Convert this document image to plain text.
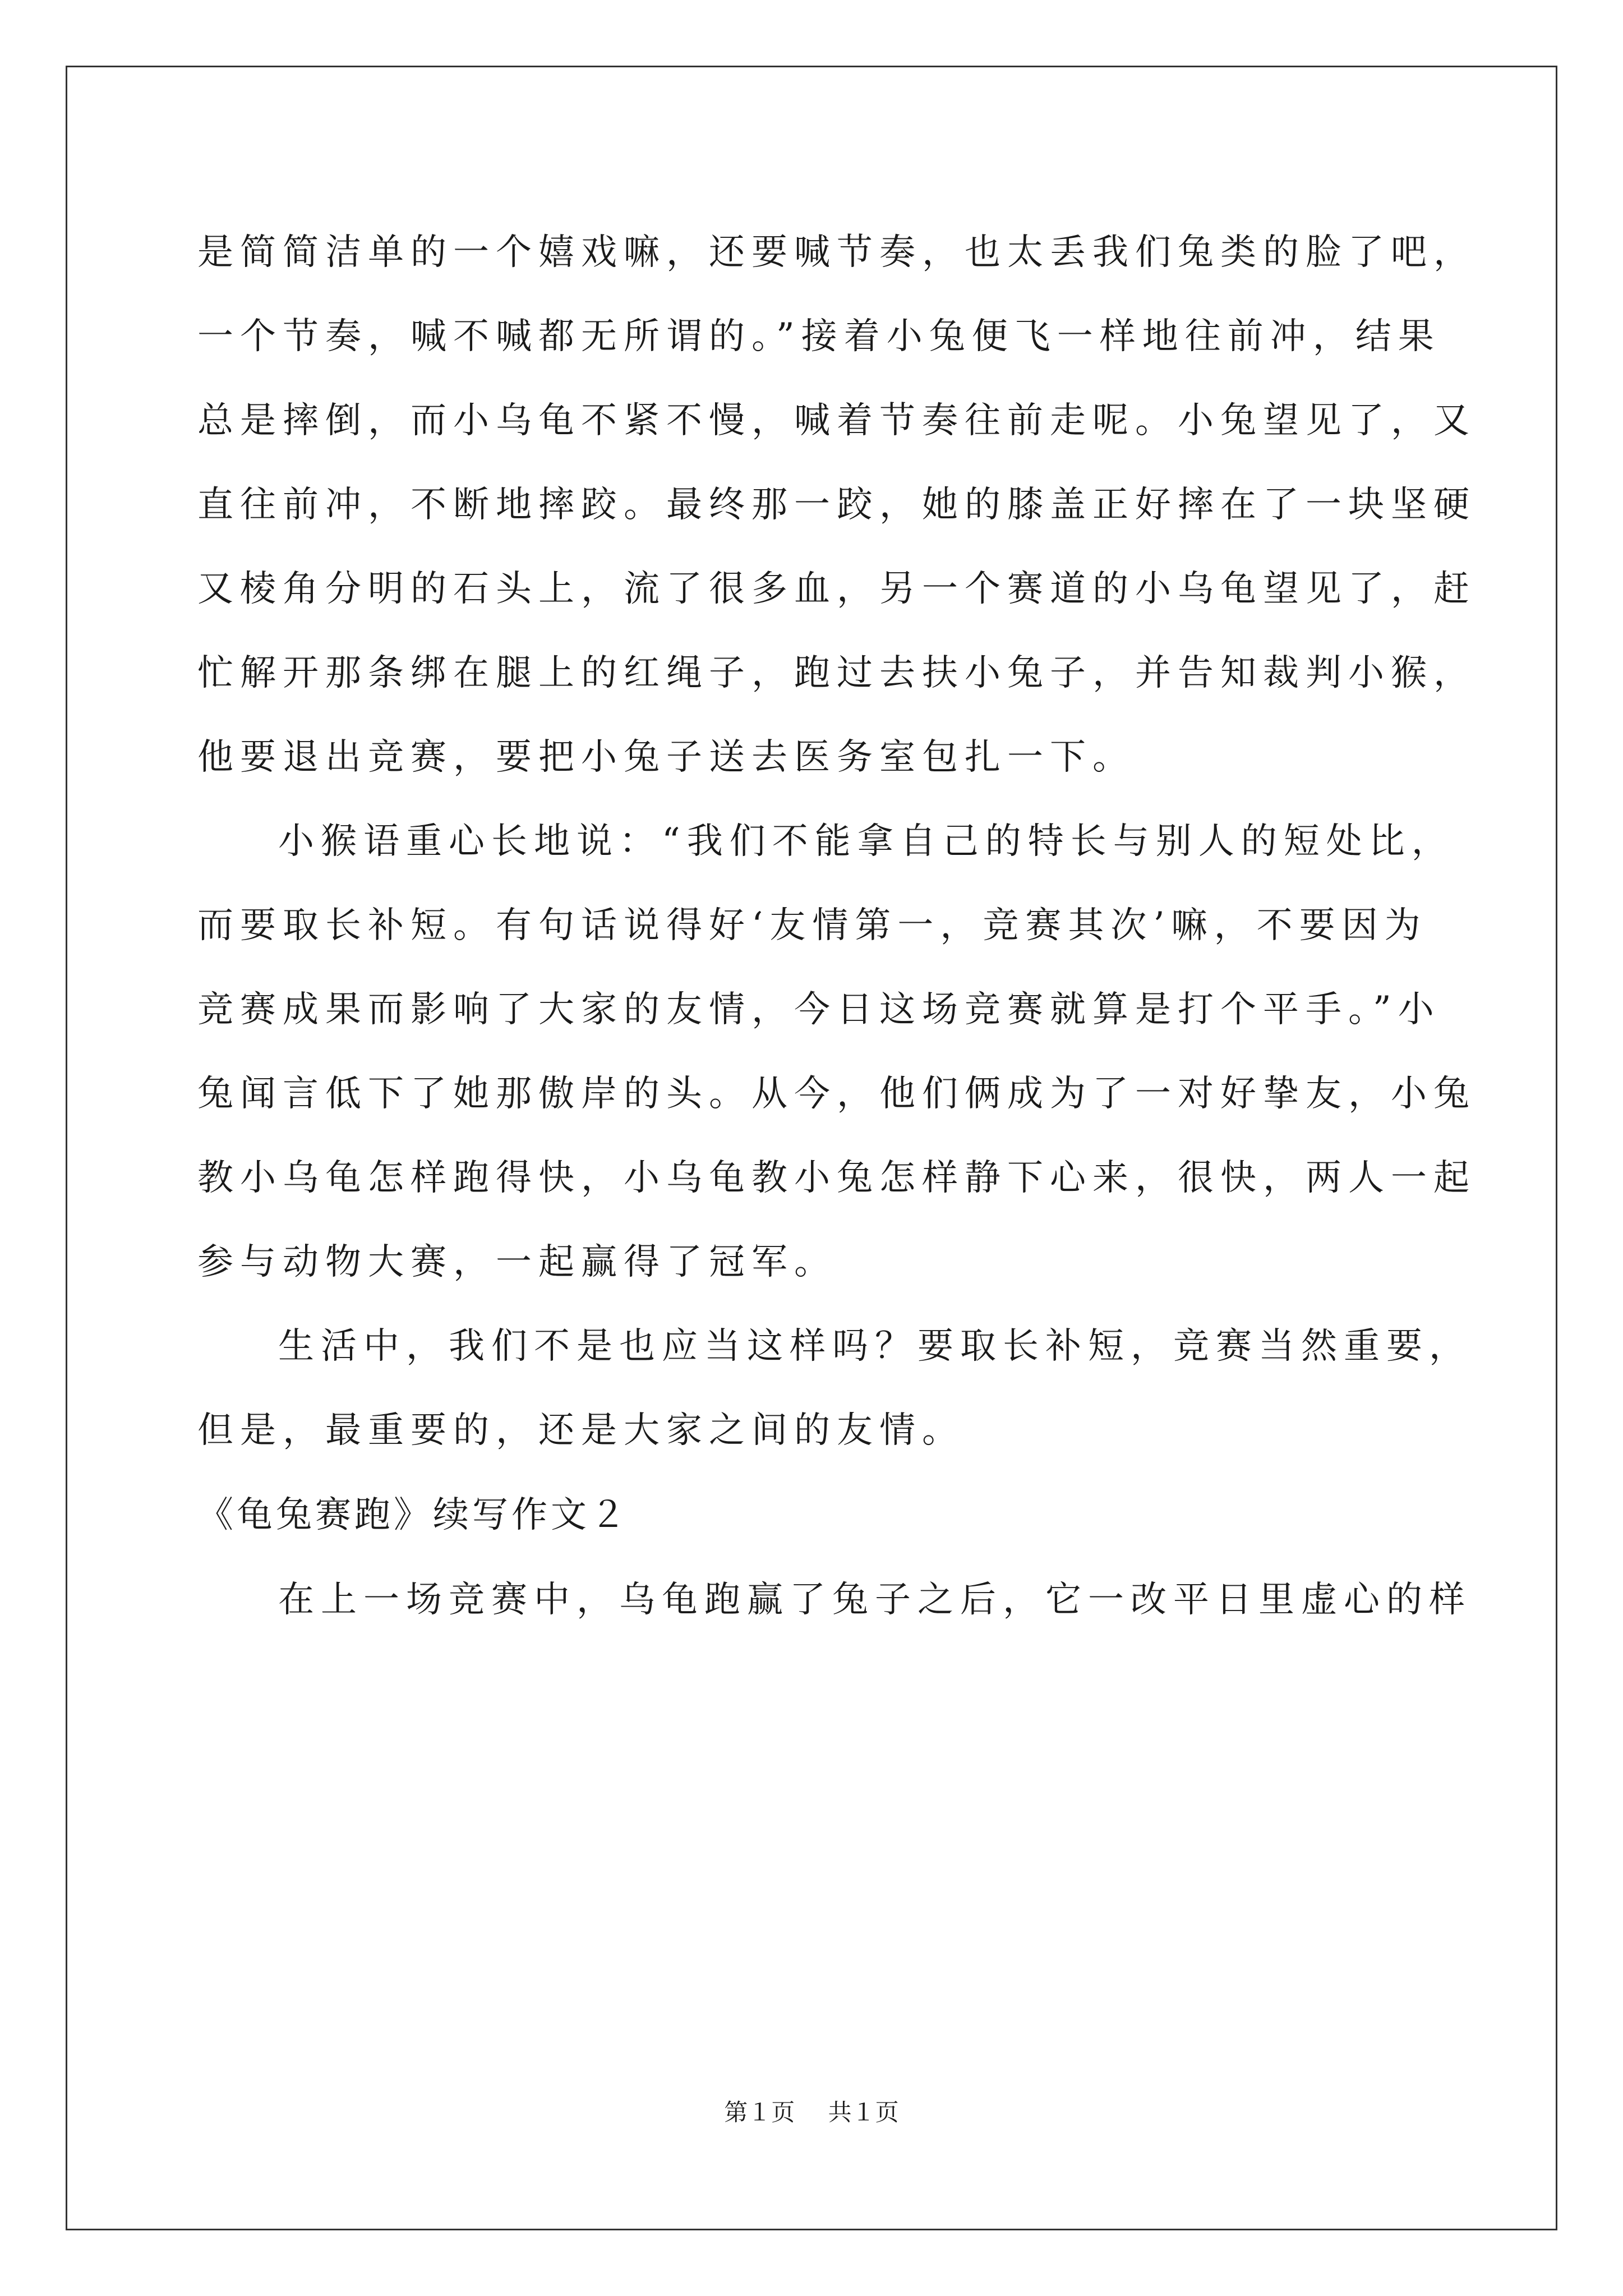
是简简洁单的一个嬉戏嘛，还要喊节奏，也太丢我们兔类的脸了吧，
一个节奏，喊不喊都无所谓的。”接着小兔便飞一样地往前冲，结果
总是摔倒，而小乌龟不紧不慢，喊着节奏往前走呢。小兔望见了，又
直往前冲，不断地摔跤。最终那一跤，她的膝盖正好摔在了一块坚硬
又棱角分明的石头上，流了很多血，另一个赛道的小乌龟望见了，赶
忙解开那条绑在腿上的红绳子，跑过去扶小兔子，并告知裁判小猴，
他要退出竞赛，要把小兔子送去医务室包扎一下。
小猴语重心长地说：“我们不能拿自己的特长与别人的短处比，
而要取长补短。有句话说得好‘友情第一，竞赛其次’嘛，不要因为
竞赛成果而影响了大家的友情，今日这场竞赛就算是打个平手。”小
兔闻言低下了她那傲岸的头。从今，他们俩成为了一对好挚友，小兔
教小乌龟怎样跑得快，小乌龟教小兔怎样静下心来，很快，两人一起
参与动物大赛，一起赢得了冠军。
生活中，我们不是也应当这样吗？要取长补短，竞赛当然重要，
但是，最重要的，还是大家之间的友情。
《龟兔赛跑》续写作文２
在上一场竞赛中，乌龟跑赢了兔子之后，它一改平日里虚心的样
第１页 共１页
